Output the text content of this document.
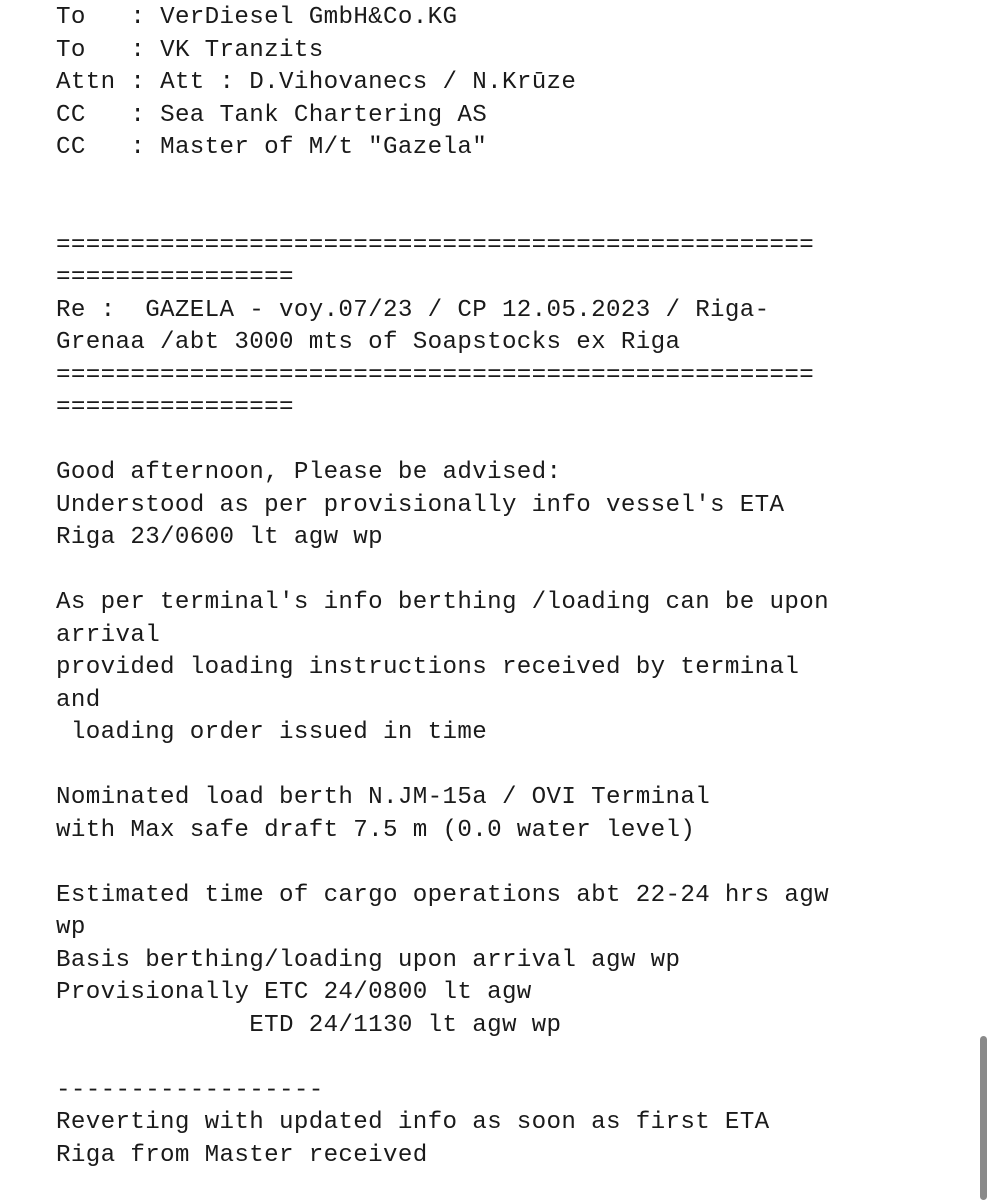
To   : VerDiesel GmbH&Co.KG
To   : VK Tranzits
Attn : Att : D.Vihovanecs / N.Krūze
CC   : Sea Tank Chartering AS
CC   : Master of M/t "Gazela"
===================================================
================
Re :  GAZELA - voy.07/23 / CP 12.05.2023 / Riga-
Grenaa /abt 3000 mts of Soapstocks ex Riga
===================================================
================
Good afternoon, Please be advised:
Understood as per provisionally info vessel's ETA
Riga 23/0600 lt agw wp
As per terminal's info berthing /loading can be upon
arrival
provided loading instructions received by terminal
and
loading order issued in time
Nominated load berth N.JM-15a / OVI Terminal
with Max safe draft 7.5 m (0.0 water level)
Estimated time of cargo operations abt 22-24 hrs agw
wp
Basis berthing/loading upon arrival agw wp
Provisionally ETC 24/0800 lt agw
ETD 24/1130 lt agw wp
------------------
Reverting with updated info as soon as first ETA
Riga from Master received
